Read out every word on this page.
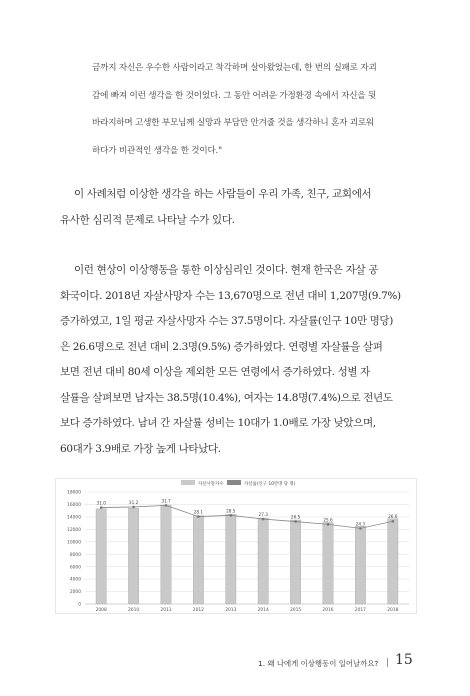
금까지 자신은 우수한 사람이라고 착각하며 살아왔었는데, 한 번의 실패로 자괴
감에 빠져 이런 생각을 한 것이었다. 그 동안 어려운 가정환경 속에서 자신을 뒷
바라지하며 고생한 부모님께 실망과 부담만 안겨줄 것을 생각하니 혼자 괴로워
하다가 비관적인 생각을 한 것이다."
이 사례처럼 이상한 생각을 하는 사람들이 우리 가족, 친구, 교회에서
유사한 심리적 문제로 나타날 수가 있다.
이런 현상이 이상행동을 통한 이상심리인 것이다. 현재 한국은 자살 공
화국이다. 2018년 자살사망자 수는 13,670명으로 전년 대비 1,207명(9.7%)
증가하였고, 1일 평균 자살사망자 수는 37.5명이다. 자살률(인구 10만 명당)
은 26.6명으로 전년 대비 2.3명(9.5%) 증가하였다. 연령별 자살률을 살펴
보면 전년 대비 80세 이상을 제외한 모든 연령에서 증가하였다. 성별 자
살률을 살펴보면 남자는 38.5명(10.4%), 여자는 14.8명(7.4%)으로 전년도
보다 증가하였다. 남녀 간 자살률 성비는 10대가 1.0배로 가장 낮았으며,
60대가 3.9배로 가장 높게 나타났다.
자살사망자수	자살률(인구 10만명 당 명)
0
2000
4000
6000
8000
10000
12000
14000
16000
18000
2008	2010	2011	2012	2013	2014	2015	2016	2017	2018
31.0	31.2	31.7
28.1	28.5
27.3	26.5
25.6
24.3
26.6
1. 왜 나에게 이상행동이 일어날까요? 15
